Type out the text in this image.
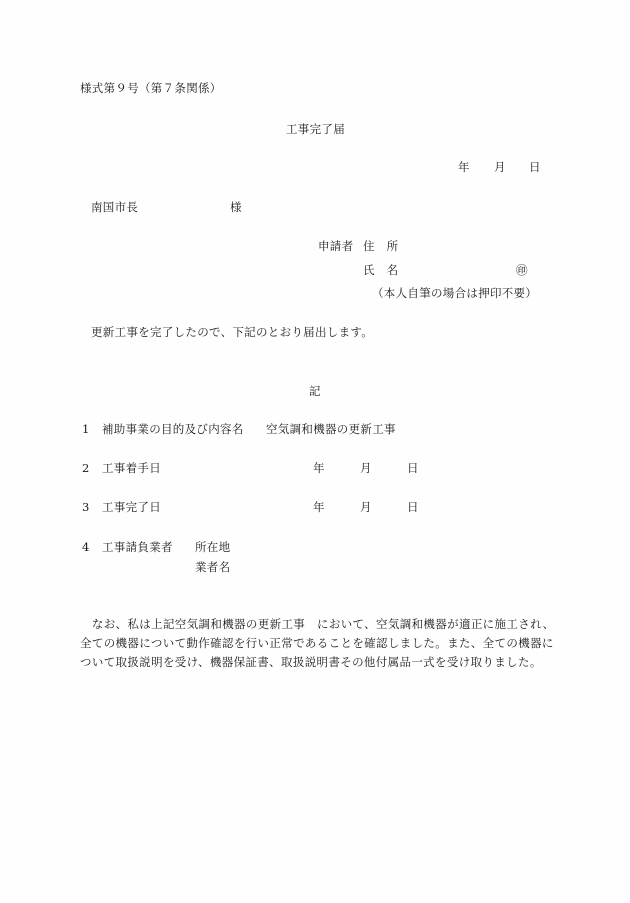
様式第９号（第７条関係）
工事完了届
年 月 日
南国市長	様
申請者 住　所
氏　名	㊞
（本人自筆の場合は押印不要）
更新工事を完了したので、下記のとおり届出します。
記
1 補助事業の目的及び内容名 空気調和機器の更新工事
2 工事着手日	年	月	日
3 工事完了日	年	月	日
4 工事請負業者 所在地
業者名
　なお、私は上記空気調和機器の更新工事　において、空気調和機器が適正に施工され、全ての機器について動作確認を行い正常であることを確認しました。また、全ての機器について取扱説明を受け、機器保証書、取扱説明書その他付属品一式を受け取りました。
